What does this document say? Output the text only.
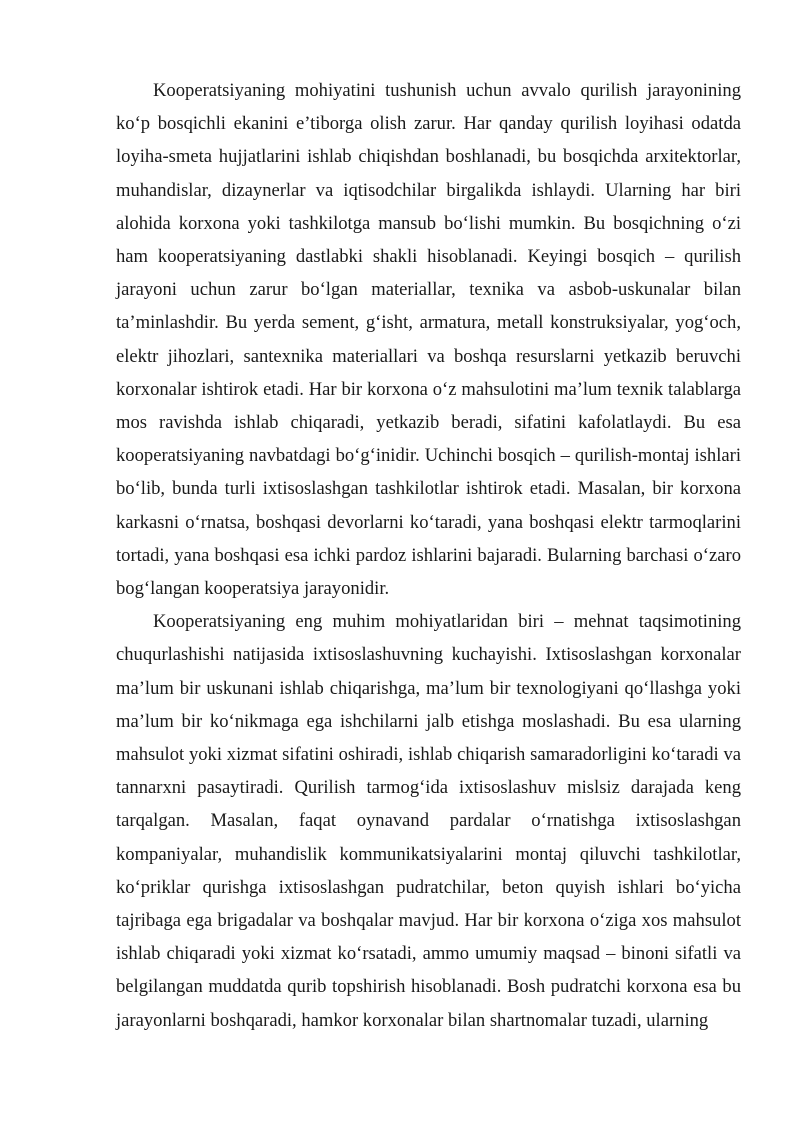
Kooperatsiyaning mohiyatini tushunish uchun avvalo qurilish jarayonining ko‘p bosqichli ekanini e’tiborga olish zarur. Har qanday qurilish loyihasi odatda loyiha-smeta hujjatlarini ishlab chiqishdan boshlanadi, bu bosqichda arxitektorlar, muhandislar, dizaynerlar va iqtisodchilar birgalikda ishlaydi. Ularning har biri alohida korxona yoki tashkilotga mansub bo‘lishi mumkin. Bu bosqichning o‘zi ham kooperatsiyaning dastlabki shakli hisoblanadi. Keyingi bosqich – qurilish jarayoni uchun zarur bo‘lgan materiallar, texnika va asbob-uskunalar bilan ta’minlashdir. Bu yerda sement, g‘isht, armatura, metall konstruksiyalar, yog‘och, elektr jihozlari, santexnika materiallari va boshqa resurslarni yetkazib beruvchi korxonalar ishtirok etadi. Har bir korxona o‘z mahsulotini ma’lum texnik talablarga mos ravishda ishlab chiqaradi, yetkazib beradi, sifatini kafolatlaydi. Bu esa kooperatsiyaning navbatdagi bo‘g‘inidir. Uchinchi bosqich – qurilish-montaj ishlari bo‘lib, bunda turli ixtisoslashgan tashkilotlar ishtirok etadi. Masalan, bir korxona karkasni o‘rnatsa, boshqasi devorlarni ko‘taradi, yana boshqasi elektr tarmoqlarini tortadi, yana boshqasi esa ichki pardoz ishlarini bajaradi. Bularning barchasi o‘zaro bog‘langan kooperatsiya jarayonidir.

Kooperatsiyaning eng muhim mohiyatlaridan biri – mehnat taqsimotining chuqurlashishi natijasida ixtisoslashuvning kuchayishi. Ixtisoslashgan korxonalar ma’lum bir uskunani ishlab chiqarishga, ma’lum bir texnologiyani qo‘llashga yoki ma’lum bir ko‘nikmaga ega ishchilarni jalb etishga moslashadi. Bu esa ularning mahsulot yoki xizmat sifatini oshiradi, ishlab chiqarish samaradorligini ko‘taradi va tannarxni pasaytiradi. Qurilish tarmog‘ida ixtisoslashuv mislsiz darajada keng tarqalgan. Masalan, faqat oynavand pardalar o‘rnatishga ixtisoslashgan kompaniyalar, muhandislik kommunikatsiyalarini montaj qiluvchi tashkilotlar, ko‘priklar qurishga ixtisoslashgan pudratchilar, beton quyish ishlari bo‘yicha tajribaga ega brigadalar va boshqalar mavjud. Har bir korxona o‘ziga xos mahsulot ishlab chiqaradi yoki xizmat ko‘rsatadi, ammo umumiy maqsad – binoni sifatli va belgilangan muddatda qurib topshirish hisoblanadi. Bosh pudratchi korxona esa bu jarayonlarni boshqaradi, hamkor korxonalar bilan shartnomalar tuzadi, ularning
